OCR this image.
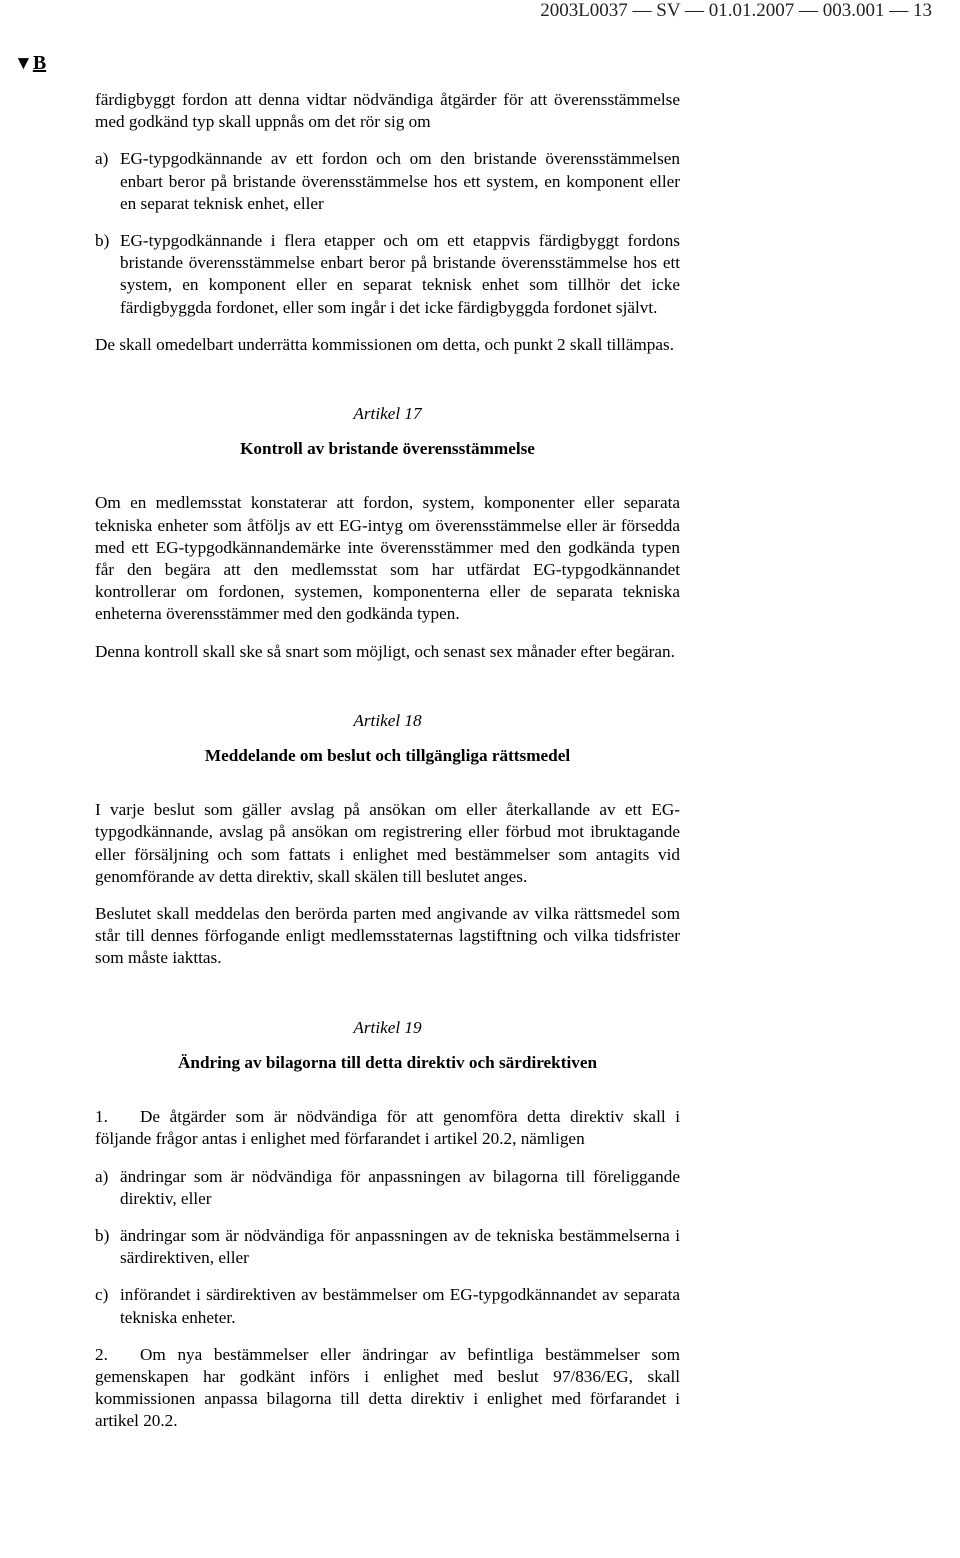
2003L0037 — SV — 01.01.2007 — 003.001 — 13
▼B

färdigbyggt fordon att denna vidtar nödvändiga åtgärder för att överensstämmelse med godkänd typ skall uppnås om det rör sig om

a) EG-typgodkännande av ett fordon och om den bristande överensstämmelsen enbart beror på bristande överensstämmelse hos ett system, en komponent eller en separat teknisk enhet, eller
b) EG-typgodkännande i flera etapper och om ett etappvis färdigbyggt fordons bristande överensstämmelse enbart beror på bristande överensstämmelse hos ett system, en komponent eller en separat teknisk enhet som tillhör det icke färdigbyggda fordonet, eller som ingår i det icke färdigbyggda fordonet självt.

De skall omedelbart underrätta kommissionen om detta, och punkt 2 skall tillämpas.

Artikel 17
Kontroll av bristande överensstämmelse

Om en medlemsstat konstaterar att fordon, system, komponenter eller separata tekniska enheter som åtföljs av ett EG-intyg om överensstämmelse eller är försedda med ett EG-typgodkännandemärke inte överensstämmer med den godkända typen får den begära att den medlemsstat som har utfärdat EG-typgodkännandet kontrollerar om fordonen, systemen, komponenterna eller de separata tekniska enheterna överensstämmer med den godkända typen.

Denna kontroll skall ske så snart som möjligt, och senast sex månader efter begäran.

Artikel 18
Meddelande om beslut och tillgängliga rättsmedel

I varje beslut som gäller avslag på ansökan om eller återkallande av ett EG-typgodkännande, avslag på ansökan om registrering eller förbud mot ibruktagande eller försäljning och som fattats i enlighet med bestämmelser som antagits vid genomförande av detta direktiv, skall skälen till beslutet anges.

Beslutet skall meddelas den berörda parten med angivande av vilka rättsmedel som står till dennes förfogande enligt medlemsstaternas lagstiftning och vilka tidsfrister som måste iakttas.

Artikel 19
Ändring av bilagorna till detta direktiv och särdirektiven

1. De åtgärder som är nödvändiga för att genomföra detta direktiv skall i följande frågor antas i enlighet med förfarandet i artikel 20.2, nämligen

a) ändringar som är nödvändiga för anpassningen av bilagorna till föreliggande direktiv, eller
b) ändringar som är nödvändiga för anpassningen av de tekniska bestämmelserna i särdirektiven, eller
c) införandet i särdirektiven av bestämmelser om EG-typgodkännandet av separata tekniska enheter.

2. Om nya bestämmelser eller ändringar av befintliga bestämmelser som gemenskapen har godkänt införs i enlighet med beslut 97/836/EG, skall kommissionen anpassa bilagorna till detta direktiv i enlighet med förfarandet i artikel 20.2.
